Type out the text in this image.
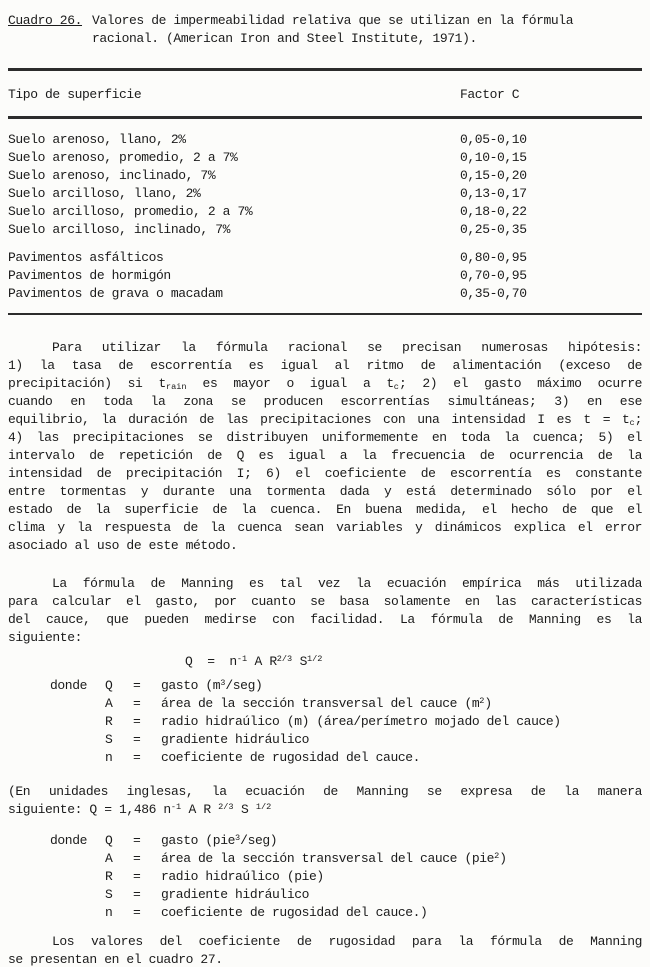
Cuadro 26. Valores de impermeabilidad relativa que se utilizan en la fórmula
racional. (American Iron and Steel Institute, 1971).
Tipo de superficie	Factor C
Suelo arenoso, llano, 2%	0,05-0,10
Suelo arenoso, promedio, 2 a 7%	0,10-0,15
Suelo arenoso, inclinado, 7%	0,15-0,20
Suelo arcilloso, llano, 2%	0,13-0,17
Suelo arcilloso, promedio, 2 a 7%	0,18-0,22
Suelo arcilloso, inclinado, 7%	0,25-0,35
Pavimentos asfálticos	0,80-0,95
Pavimentos de hormigón	0,70-0,95
Pavimentos de grava o macadam	0,35-0,70
Para utilizar la fórmula racional se precisan numerosas hipótesis:
1) la tasa de escorrentía es igual al ritmo de alimentación (exceso de
precipitación) si $t_{rain}$ es mayor o igual a $t_c$; 2) el gasto máximo ocurre
cuando en toda la zona se producen escorrentías simultáneas; 3) en ese
equilibrio, la duración de las precipitaciones con una intensidad I es $t = t_c$;
4) las precipitaciones se distribuyen uniformemente en toda la cuenca; 5) el
intervalo de repetición de Q es igual a la frecuencia de ocurrencia de la
intensidad de precipitación I; 6) el coeficiente de escorrentía es constante
entre tormentas y durante una tormenta dada y está determinado sólo por el
estado de la superficie de la cuenca. En buena medida, el hecho de que el
clima y la respuesta de la cuenca sean variables y dinámicos explica el error
asociado al uso de este método.
La fórmula de Manning es tal vez la ecuación empírica más utilizada
para calcular el gasto, por cuanto se basa solamente en las características
del cauce, que pueden medirse con facilidad. La fórmula de Manning es la
siguiente:
$Q = n^{-1}$ A $R^{2/3}$ $S^{1/2}$
donde	Q	=	gasto $(m^3/seg)$
A	=	área de la sección transversal del cauce $(m^2)$
R	=	radio hidraúlico (m) (área/perímetro mojado del cauce)
S	=	gradiente hidráulico
n	=	coeficiente de rugosidad del cauce.
(En unidades inglesas, la ecuación de Manning se expresa de la manera
siguiente: Q = 1,486 $n^{-1}$ A R $^{2/3}$ S $^{1/2}$
donde	Q	=	gasto (pie$^3$/seg)
A	=	área de la sección transversal del cauce (pie$^2$)
R	=	radio hidraúlico (pie)
S	=	gradiente hidráulico
n	=	coeficiente de rugosidad del cauce.)
Los valores del coeficiente de rugosidad para la fórmula de Manning
se presentan en el cuadro 27.
